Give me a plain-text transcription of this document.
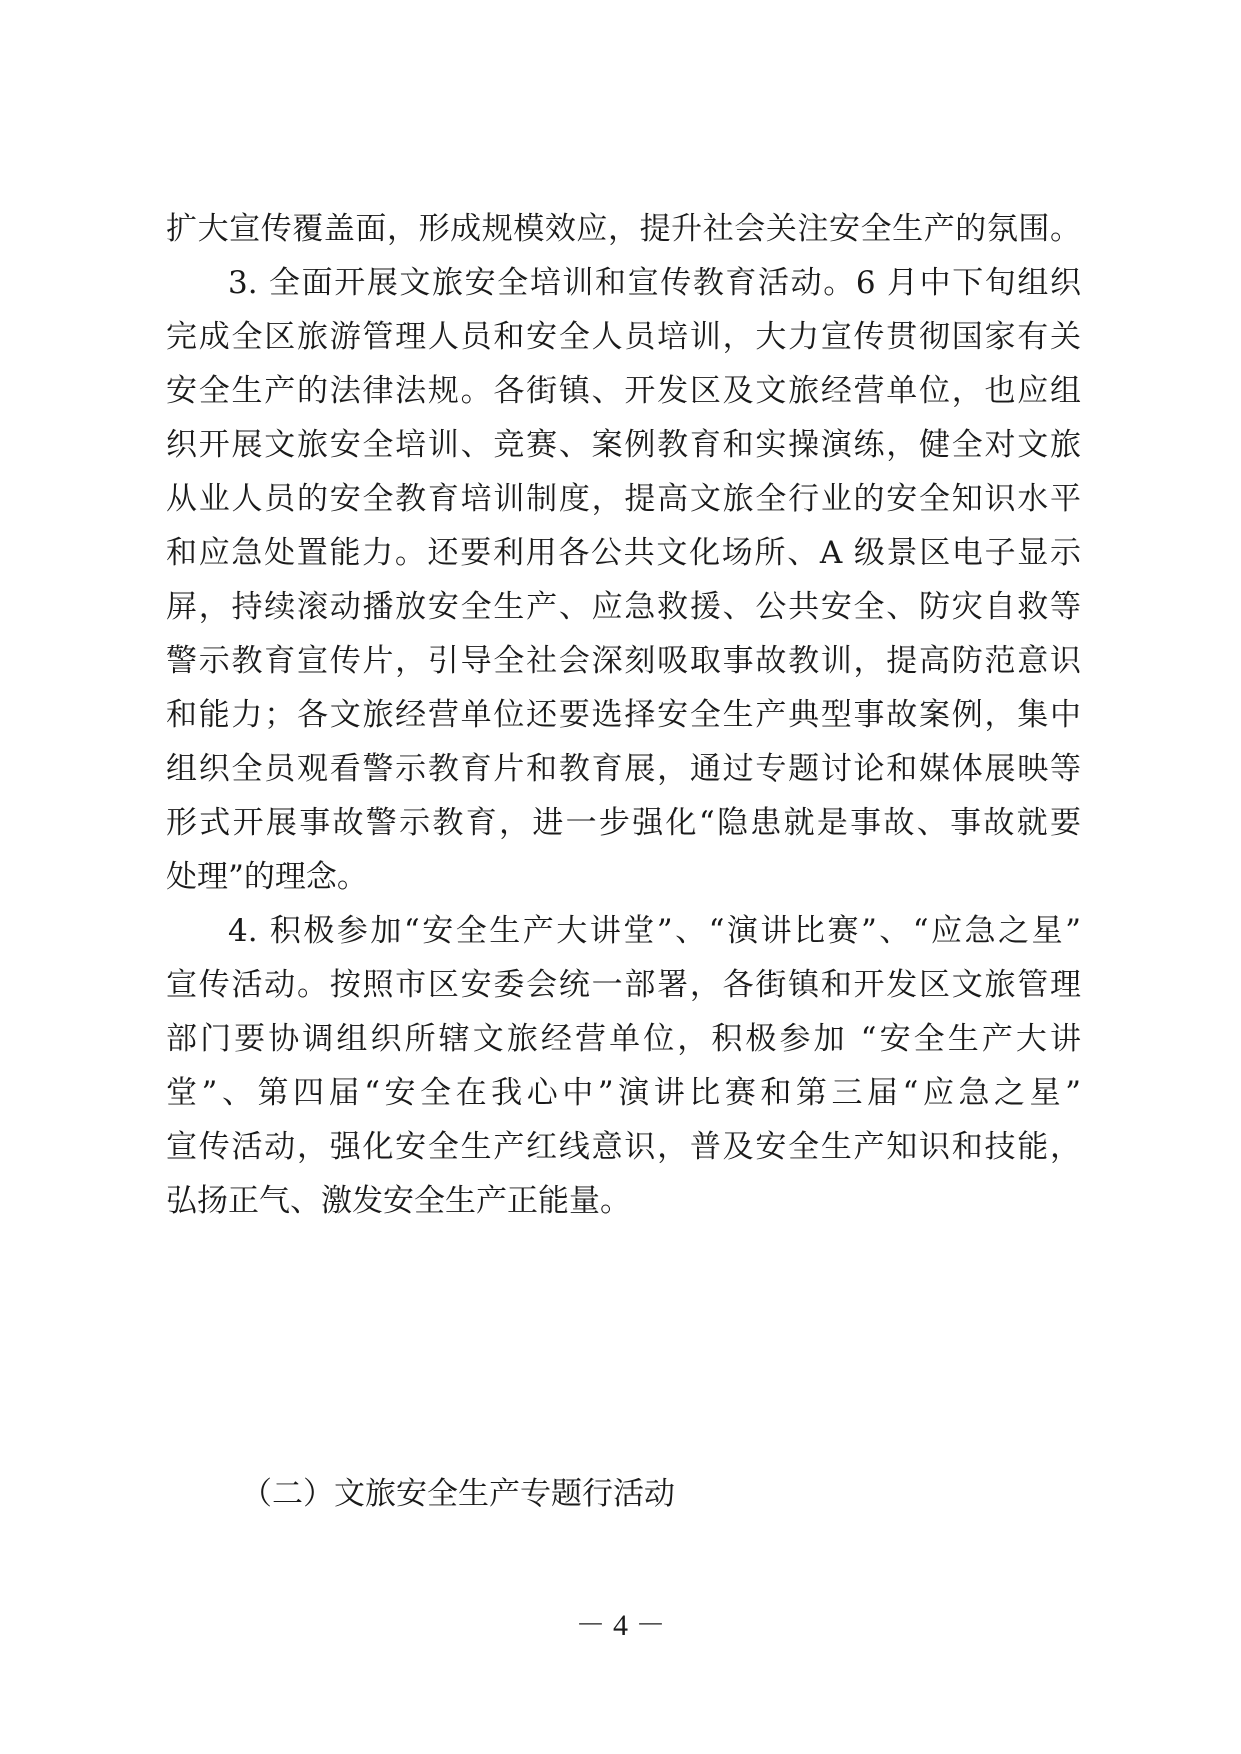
扩大宣传覆盖面，形成规模效应，提升社会关注安全生产的氛围。
3. 全面开展文旅安全培训和宣传教育活动。6 月中下旬组织
完成全区旅游管理人员和安全人员培训，大力宣传贯彻国家有关
安全生产的法律法规。各街镇、开发区及文旅经营单位，也应组
织开展文旅安全培训、竞赛、案例教育和实操演练，健全对文旅
从业人员的安全教育培训制度，提高文旅全行业的安全知识水平
和应急处置能力。还要利用各公共文化场所、A 级景区电子显示
屏，持续滚动播放安全生产、应急救援、公共安全、防灾自救等
警示教育宣传片，引导全社会深刻吸取事故教训，提高防范意识
和能力；各文旅经营单位还要选择安全生产典型事故案例，集中
组织全员观看警示教育片和教育展，通过专题讨论和媒体展映等
形式开展事故警示教育，进一步强化“隐患就是事故、事故就要
处理”的理念。
4. 积极参加“安全生产大讲堂”、“演讲比赛”、“应急之星”
宣传活动。按照市区安委会统一部署，各街镇和开发区文旅管理
部门要协调组织所辖文旅经营单位，积极参加 “安全生产大讲
堂”、第四届“安全在我心中”演讲比赛和第三届“应急之星”
宣传活动，强化安全生产红线意识，普及安全生产知识和技能，
弘扬正气、激发安全生产正能量。
（二）文旅安全生产专题行活动
－ 4 －
